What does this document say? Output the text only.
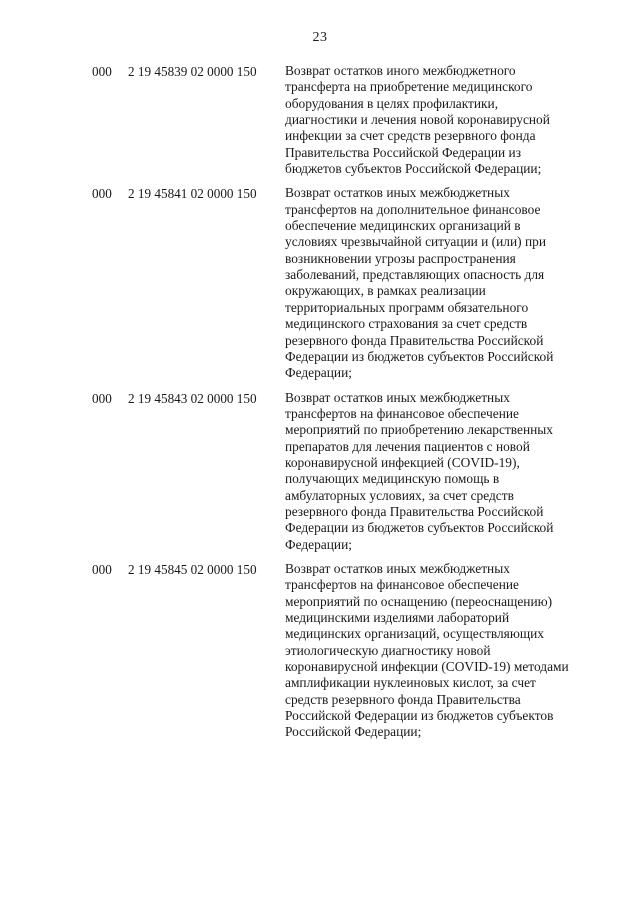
23
000 2 19 45839 02 0000 150 Возврат остатков иного межбюджетного
трансферта на приобретение медицинского
оборудования в целях профилактики,
диагностики и лечения новой коронавирусной
инфекции за счет средств резервного фонда
Правительства Российской Федерации из
бюджетов субъектов Российской Федерации;
000 2 19 45841 02 0000 150 Возврат остатков иных межбюджетных
трансфертов на дополнительное финансовое
обеспечение медицинских организаций в
условиях чрезвычайной ситуации и (или) при
возникновении угрозы распространения
заболеваний, представляющих опасность для
окружающих, в рамках реализации
территориальных программ обязательного
медицинского страхования за счет средств
резервного фонда Правительства Российской
Федерации из бюджетов субъектов Российской
Федерации;
000 2 19 45843 02 0000 150 Возврат остатков иных межбюджетных
трансфертов на финансовое обеспечение
мероприятий по приобретению лекарственных
препаратов для лечения пациентов с новой
коронавирусной инфекцией (COVID-19),
получающих медицинскую помощь в
амбулаторных условиях, за счет средств
резервного фонда Правительства Российской
Федерации из бюджетов субъектов Российской
Федерации;
000 2 19 45845 02 0000 150 Возврат остатков иных межбюджетных
трансфертов на финансовое обеспечение
мероприятий по оснащению (переоснащению)
медицинскими изделиями лабораторий
медицинских организаций, осуществляющих
этиологическую диагностику новой
коронавирусной инфекции (COVID-19) методами
амплификации нуклеиновых кислот, за счет
средств резервного фонда Правительства
Российской Федерации из бюджетов субъектов
Российской Федерации;
